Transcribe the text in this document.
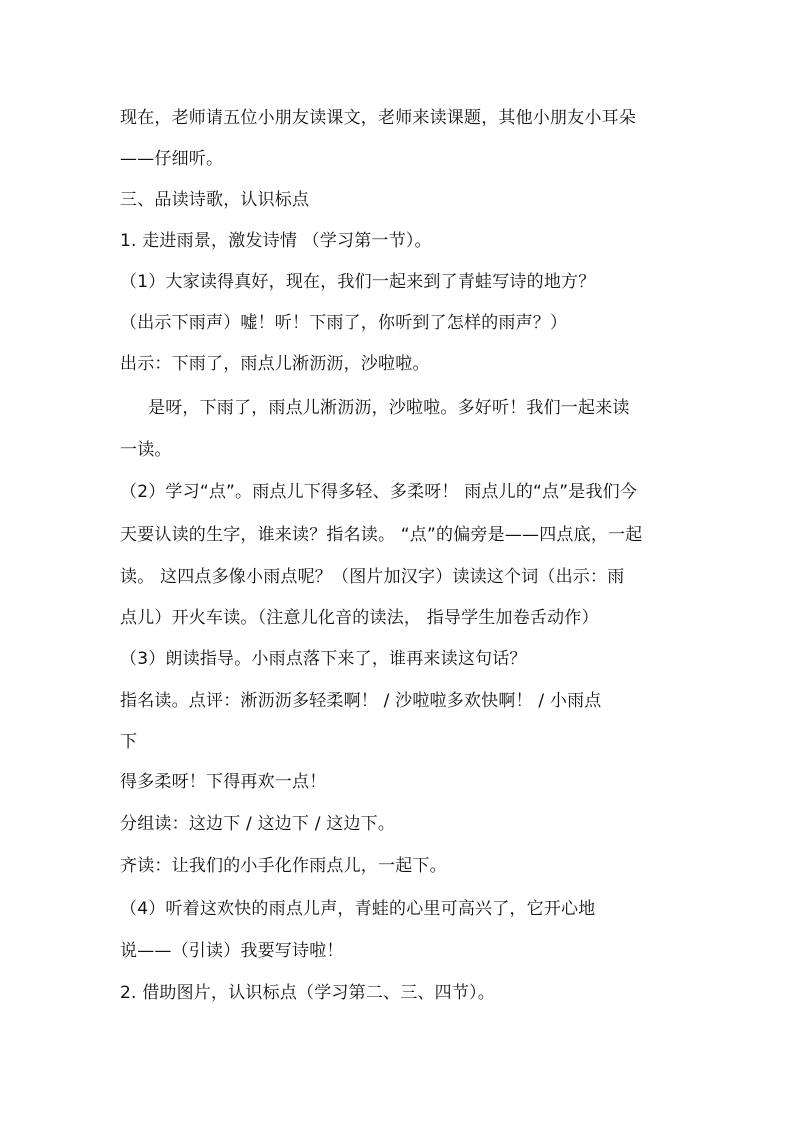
现在，老师请五位小朋友读课文，老师来读课题，其他小朋友小耳朵
——仔细听。
三、品读诗歌，认识标点
1. 走进雨景，激发诗情 （学习第一节）。
（1）大家读得真好，现在，我们一起来到了青蛙写诗的地方？
（出示下雨声）嘘！听！下雨了，你听到了怎样的雨声？）
出示：下雨了，雨点儿淅沥沥，沙啦啦。
是呀，下雨了，雨点儿淅沥沥，沙啦啦。多好听！我们一起来读
一读。
（2）学习“点”。雨点儿下得多轻、多柔呀！ 雨点儿的“点”是我们今
天要认读的生字，谁来读？指名读。 “点”的偏旁是——四点底，一起
读。 这四点多像小雨点呢？（图片加汉字）读读这个词（出示：雨
点儿）开火车读。（注意儿化音的读法， 指导学生加卷舌动作）
（3）朗读指导。小雨点落下来了，谁再来读这句话？
指名读。点评：淅沥沥多轻柔啊！ / 沙啦啦多欢快啊！ / 小雨点
下
得多柔呀！下得再欢一点！
分组读：这边下 / 这边下 / 这边下。
齐读：让我们的小手化作雨点儿，一起下。
（4）听着这欢快的雨点儿声，青蛙的心里可高兴了，它开心地
说——（引读）我要写诗啦！
2. 借助图片，认识标点（学习第二、三、四节）。
